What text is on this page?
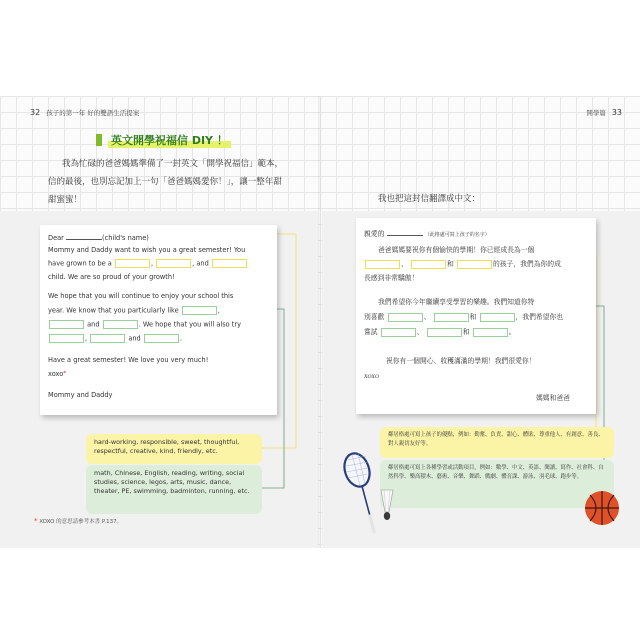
32 孩子的第一年 好的雙語生活提案	開學篇 33
英文開學祝福信 DIY ！
我為忙碌的爸爸媽媽準備了一封英文「開學祝福信」範本，
信的最後，也別忘記加上一句「爸爸媽媽愛你！」，讓一整年甜
甜蜜蜜！	我也把這封信翻譯成中文：
Dear	(child's name)
Mommy and Daddy want to wish you a great semester! You
have grown to be a	,	, and
child. We are so proud of your growth!
We hope that you will continue to enjoy your school this
year. We know that you particularly like	,
and	. We hope that you will also try
,	and	.
Have a great semester! We love you very much!
xoxo*
Mommy and Daddy
親愛的	（此格處可寫上孩子的名字）
爸爸媽媽要祝你有個愉快的學期！你已經成長為一個
、	和	的孩子，我們為你的成
長感到非常驕傲！
我們希望你今年繼續享受學習的樂趣。我們知道你特
別喜歡	、	和	，我們希望你也
嘗試	、	和	。
祝你有一個開心、收穫滿滿的學期！我們很愛你！
XOXO
媽媽和爸爸
hard-working, responsible, sweet, thoughtful, respectful, creative, kind, friendly, etc.
math, Chinese, English, reading, writing, social studies, science, legos, arts, music, dance, theater, PE, swimming, badminton, running, etc.
鄰居格處可寫上孩子的優點，例如：勤奮、負責、甜心、體貼、尊重他人、有創意、善良、對人親切友好等。
鄰居格處可寫上各種學習或活動項目，例如：數學、中文、英語、閱讀、寫作、社會科、自然科學、樂高積木、藝術、音樂、舞蹈、戲劇、體育課、游泳、羽毛球、跑步等。
* XOXO 的意思請參考本書 P.137。
